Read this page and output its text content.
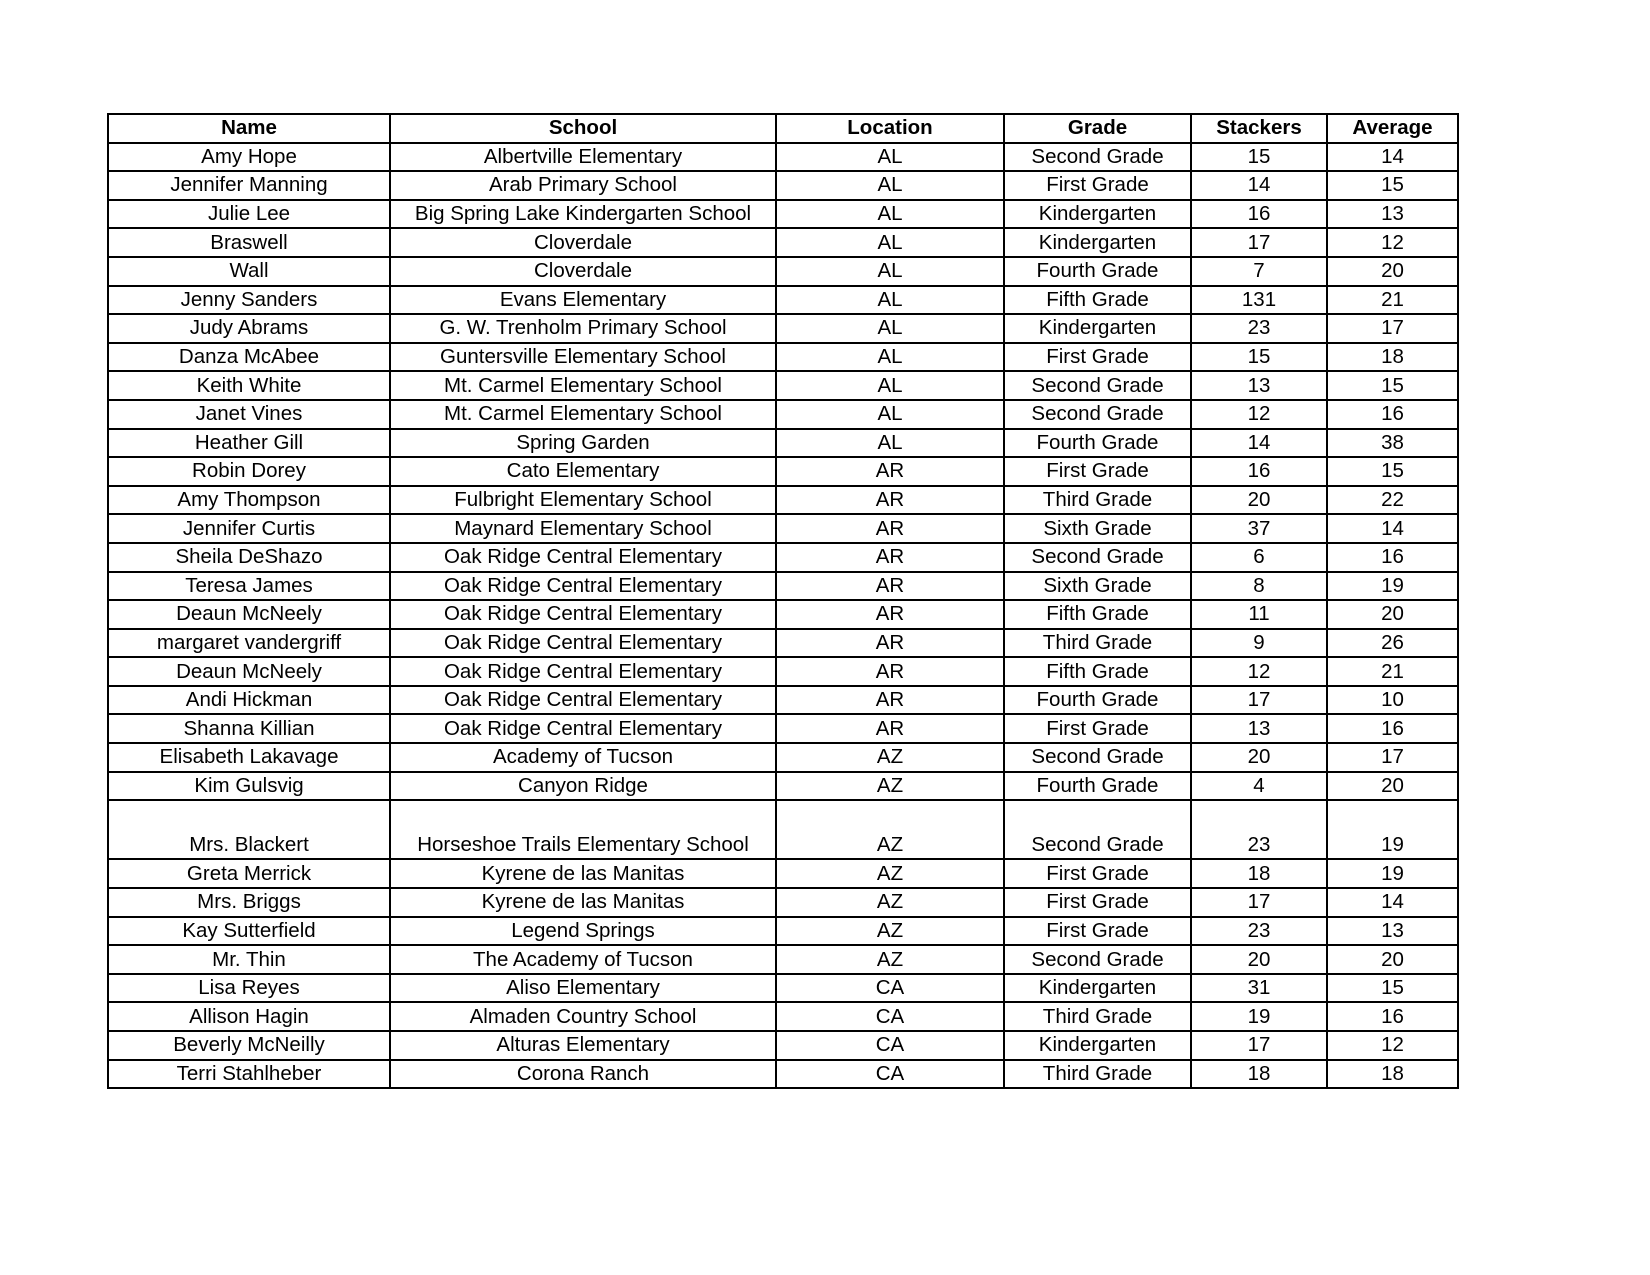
Name	School	Location	Grade	Stackers	Average
Amy Hope	Albertville Elementary	AL	Second Grade	15	14
Jennifer Manning	Arab Primary School	AL	First Grade	14	15
Julie Lee	Big Spring Lake Kindergarten School	AL	Kindergarten	16	13
Braswell	Cloverdale	AL	Kindergarten	17	12
Wall	Cloverdale	AL	Fourth Grade	7	20
Jenny Sanders	Evans Elementary	AL	Fifth Grade	131	21
Judy Abrams	G. W. Trenholm Primary School	AL	Kindergarten	23	17
Danza McAbee	Guntersville Elementary School	AL	First Grade	15	18
Keith White	Mt. Carmel Elementary School	AL	Second Grade	13	15
Janet Vines	Mt. Carmel Elementary School	AL	Second Grade	12	16
Heather Gill	Spring Garden	AL	Fourth Grade	14	38
Robin Dorey	Cato Elementary	AR	First Grade	16	15
Amy Thompson	Fulbright Elementary School	AR	Third Grade	20	22
Jennifer Curtis	Maynard Elementary School	AR	Sixth Grade	37	14
Sheila DeShazo	Oak Ridge Central Elementary	AR	Second Grade	6	16
Teresa James	Oak Ridge Central Elementary	AR	Sixth Grade	8	19
Deaun McNeely	Oak Ridge Central Elementary	AR	Fifth Grade	11	20
margaret vandergriff	Oak Ridge Central Elementary	AR	Third Grade	9	26
Deaun McNeely	Oak Ridge Central Elementary	AR	Fifth Grade	12	21
Andi Hickman	Oak Ridge Central Elementary	AR	Fourth Grade	17	10
Shanna Killian	Oak Ridge Central Elementary	AR	First Grade	13	16
Elisabeth Lakavage	Academy of Tucson	AZ	Second Grade	20	17
Kim Gulsvig	Canyon Ridge	AZ	Fourth Grade	4	20
Mrs. Blackert	Horseshoe Trails Elementary School	AZ	Second Grade	23	19
Greta Merrick	Kyrene de las Manitas	AZ	First Grade	18	19
Mrs. Briggs	Kyrene de las Manitas	AZ	First Grade	17	14
Kay Sutterfield	Legend Springs	AZ	First Grade	23	13
Mr. Thin	The Academy of Tucson	AZ	Second Grade	20	20
Lisa Reyes	Aliso Elementary	CA	Kindergarten	31	15
Allison Hagin	Almaden Country School	CA	Third Grade	19	16
Beverly McNeilly	Alturas Elementary	CA	Kindergarten	17	12
Terri Stahlheber	Corona Ranch	CA	Third Grade	18	18
